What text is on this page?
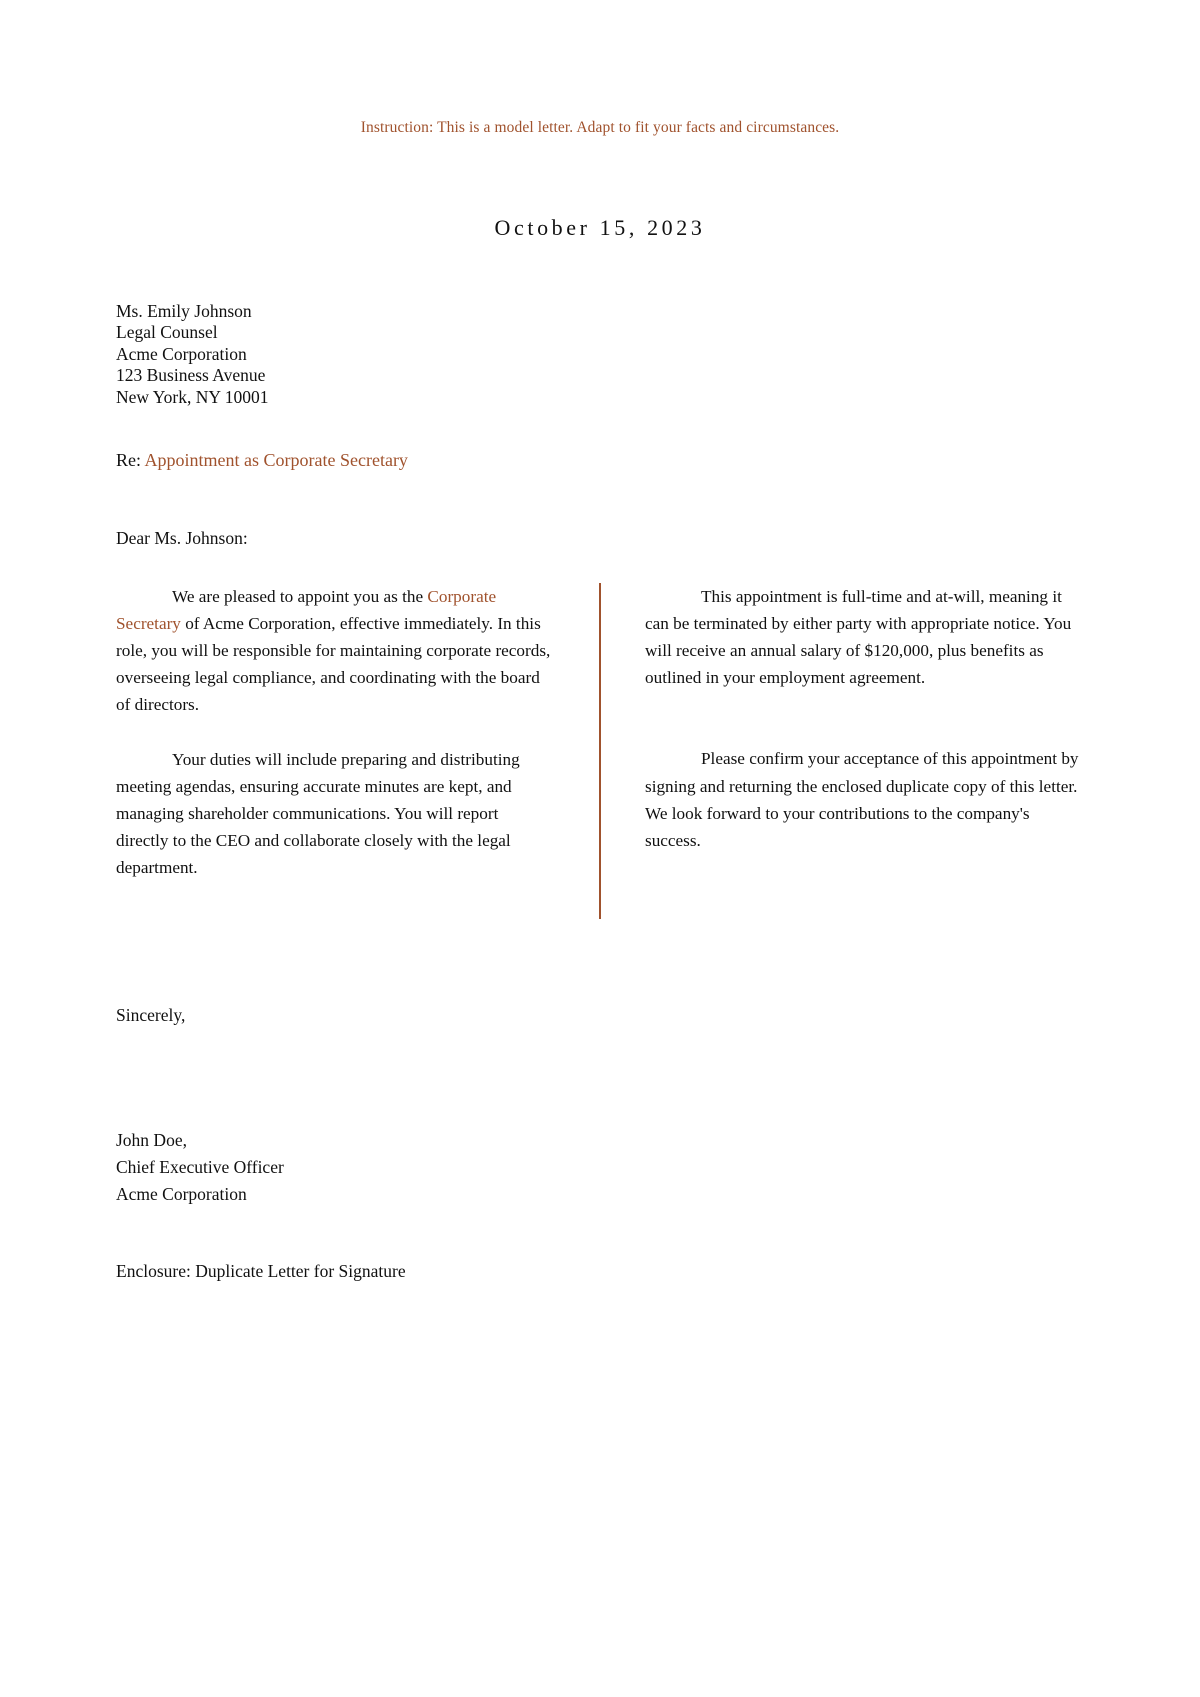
Instruction: This is a model letter. Adapt to fit your facts and circumstances.
October 15, 2023
Ms. Emily Johnson
Legal Counsel
Acme Corporation
123 Business Avenue
New York, NY 10001
Re: Appointment as Corporate Secretary
Dear Ms. Johnson:

We are pleased to appoint you as the Corporate Secretary of Acme Corporation, effective immediately. In this role, you will be responsible for maintaining corporate records, overseeing legal compliance, and coordinating with the board of directors.

Your duties will include preparing and distributing meeting agendas, ensuring accurate minutes are kept, and managing shareholder communications. You will report directly to the CEO and collaborate closely with the legal department.

This appointment is full-time and at-will, meaning it can be terminated by either party with appropriate notice. You will receive an annual salary of $120,000, plus benefits as outlined in your employment agreement.

Please confirm your acceptance of this appointment by signing and returning the enclosed duplicate copy of this letter. We look forward to your contributions to the company's success.

Sincerely,
John Doe,
Chief Executive Officer
Acme Corporation
Enclosure: Duplicate Letter for Signature
